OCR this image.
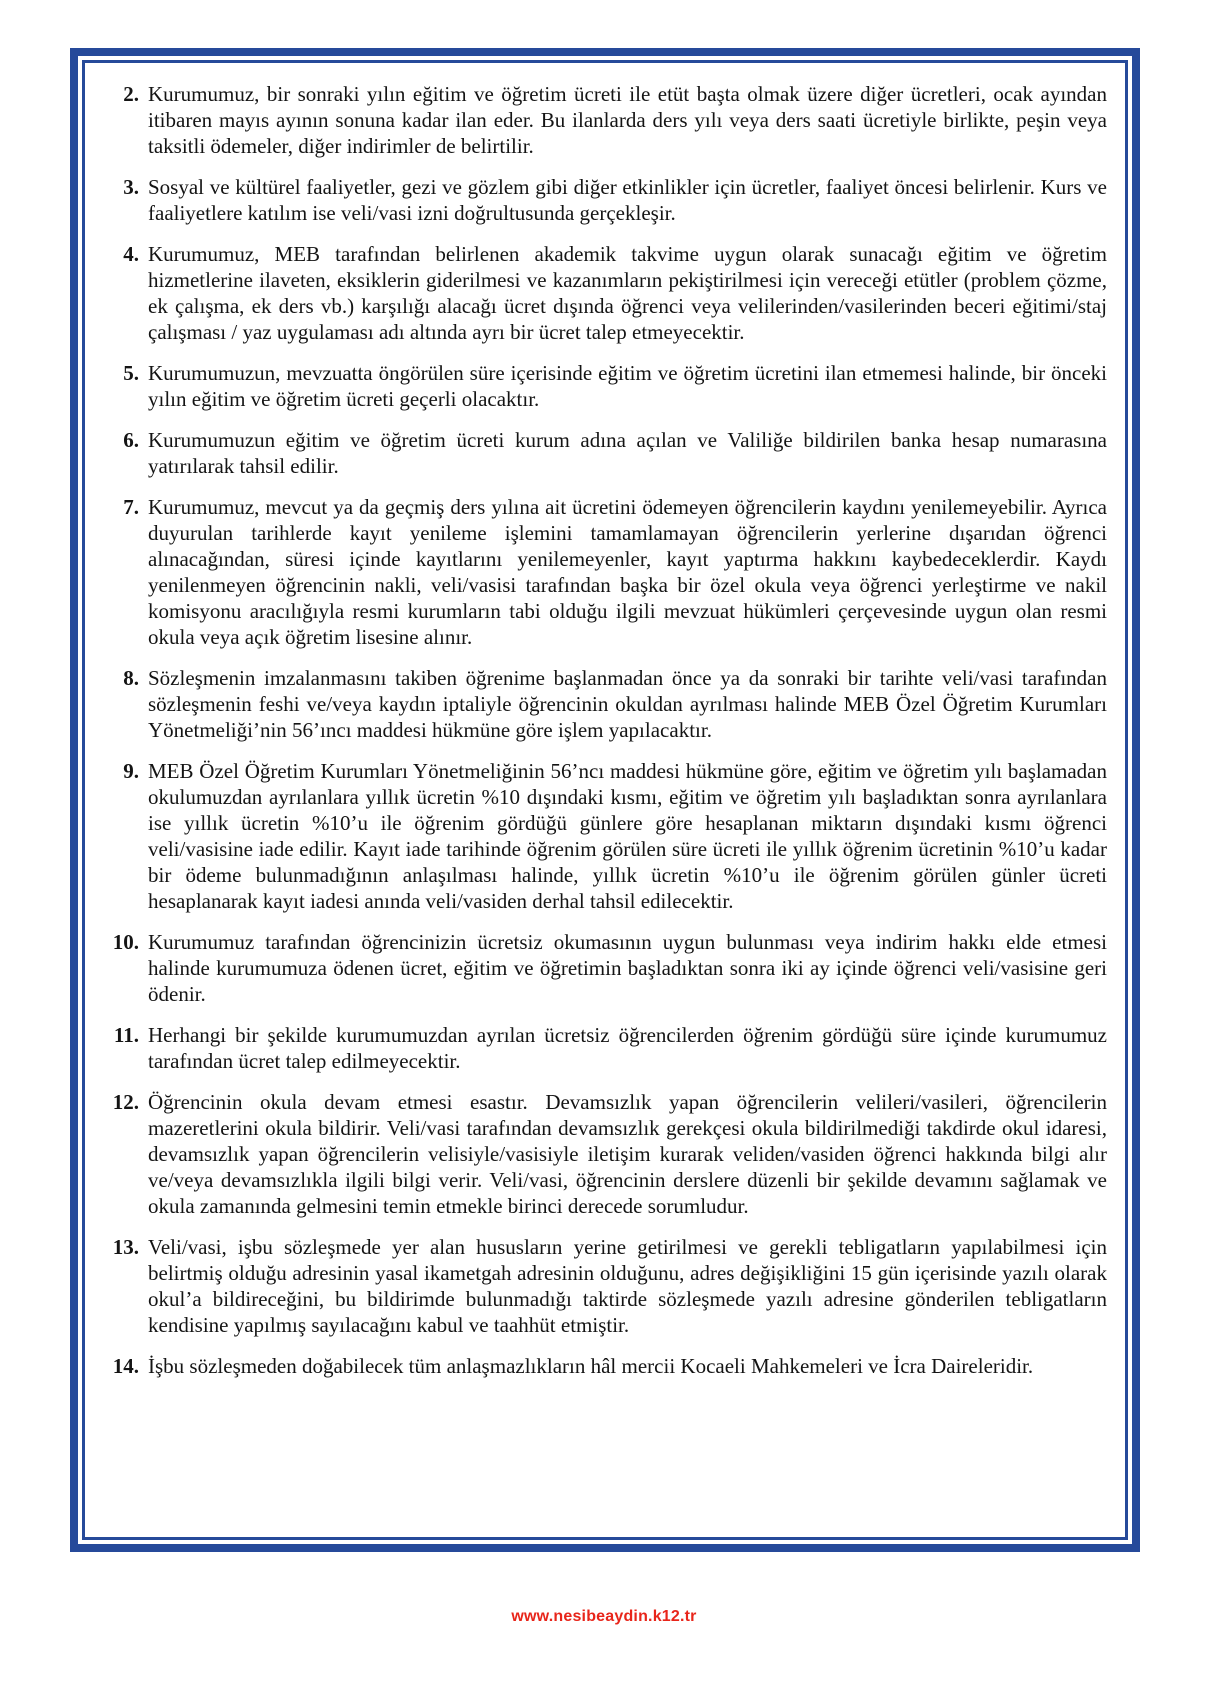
2. Kurumumuz, bir sonraki yılın eğitim ve öğretim ücreti ile etüt başta olmak üzere diğer ücretleri, ocak ayından itibaren mayıs ayının sonuna kadar ilan eder. Bu ilanlarda ders yılı veya ders saati ücretiyle birlikte, peşin veya taksitli ödemeler, diğer indirimler de belirtilir.
3. Sosyal ve kültürel faaliyetler, gezi ve gözlem gibi diğer etkinlikler için ücretler, faaliyet öncesi belirlenir. Kurs ve faaliyetlere katılım ise veli/vasi izni doğrultusunda gerçekleşir.
4. Kurumumuz, MEB tarafından belirlenen akademik takvime uygun olarak sunacağı eğitim ve öğretim hizmetlerine ilaveten, eksiklerin giderilmesi ve kazanımların pekiştirilmesi için vereceği etütler (problem çözme, ek çalışma, ek ders vb.) karşılığı alacağı ücret dışında öğrenci veya velilerinden/vasilerinden beceri eğitimi/staj çalışması / yaz uygulaması adı altında ayrı bir ücret talep etmeyecektir.
5. Kurumumuzun, mevzuatta öngörülen süre içerisinde eğitim ve öğretim ücretini ilan etmemesi halinde, bir önceki yılın eğitim ve öğretim ücreti geçerli olacaktır.
6. Kurumumuzun eğitim ve öğretim ücreti kurum adına açılan ve Valiliğe bildirilen banka hesap numarasına yatırılarak tahsil edilir.
7. Kurumumuz, mevcut ya da geçmiş ders yılına ait ücretini ödemeyen öğrencilerin kaydını yenilemeyebilir. Ayrıca duyurulan tarihlerde kayıt yenileme işlemini tamamlamayan öğrencilerin yerlerine dışarıdan öğrenci alınacağından, süresi içinde kayıtlarını yenilemeyenler, kayıt yaptırma hakkını kaybedeceklerdir. Kaydı yenilenmeyen öğrencinin nakli, veli/vasisi tarafından başka bir özel okula veya öğrenci yerleştirme ve nakil komisyonu aracılığıyla resmi kurumların tabi olduğu ilgili mevzuat hükümleri çerçevesinde uygun olan resmi okula veya açık öğretim lisesine alınır.
8. Sözleşmenin imzalanmasını takiben öğrenime başlanmadan önce ya da sonraki bir tarihte veli/vasi tarafından sözleşmenin feshi ve/veya kaydın iptaliyle öğrencinin okuldan ayrılması halinde MEB Özel Öğretim Kurumları Yönetmeliği’nin 56’ıncı maddesi hükmüne göre işlem yapılacaktır.
9. MEB Özel Öğretim Kurumları Yönetmeliğinin 56’ncı maddesi hükmüne göre, eğitim ve öğretim yılı başlamadan okulumuzdan ayrılanlara yıllık ücretin %10 dışındaki kısmı, eğitim ve öğretim yılı başladıktan sonra ayrılanlara ise yıllık ücretin %10’u ile öğrenim gördüğü günlere göre hesaplanan miktarın dışındaki kısmı öğrenci veli/vasisine iade edilir. Kayıt iade tarihinde öğrenim görülen süre ücreti ile yıllık öğrenim ücretinin %10’u kadar bir ödeme bulunmadığının anlaşılması halinde, yıllık ücretin %10’u ile öğrenim görülen günler ücreti hesaplanarak kayıt iadesi anında veli/vasiden derhal tahsil edilecektir.
10. Kurumumuz tarafından öğrencinizin ücretsiz okumasının uygun bulunması veya indirim hakkı elde etmesi halinde kurumumuza ödenen ücret, eğitim ve öğretimin başladıktan sonra iki ay içinde öğrenci veli/vasisine geri ödenir.
11. Herhangi bir şekilde kurumumuzdan ayrılan ücretsiz öğrencilerden öğrenim gördüğü süre içinde kurumumuz tarafından ücret talep edilmeyecektir.
12. Öğrencinin okula devam etmesi esastır. Devamsızlık yapan öğrencilerin velileri/vasileri, öğrencilerin mazeretlerini okula bildirir. Veli/vasi tarafından devamsızlık gerekçesi okula bildirilmediği takdirde okul idaresi, devamsızlık yapan öğrencilerin velisiyle/vasisiyle iletişim kurarak veliden/vasiden öğrenci hakkında bilgi alır ve/veya devamsızlıkla ilgili bilgi verir. Veli/vasi, öğrencinin derslere düzenli bir şekilde devamını sağlamak ve okula zamanında gelmesini temin etmekle birinci derecede sorumludur.
13. Veli/vasi, işbu sözleşmede yer alan hususların yerine getirilmesi ve gerekli tebligatların yapılabilmesi için belirtmiş olduğu adresinin yasal ikametgah adresinin olduğunu, adres değişikliğini 15 gün içerisinde yazılı olarak okul’a bildireceğini, bu bildirimde bulunmadığı taktirde sözleşmede yazılı adresine gönderilen tebligatların kendisine yapılmış sayılacağını kabul ve taahhüt etmiştir.
14. İşbu sözleşmeden doğabilecek tüm anlaşmazlıkların hâl mercii Kocaeli Mahkemeleri ve İcra Daireleridir.
www.nesibeaydin.k12.tr
